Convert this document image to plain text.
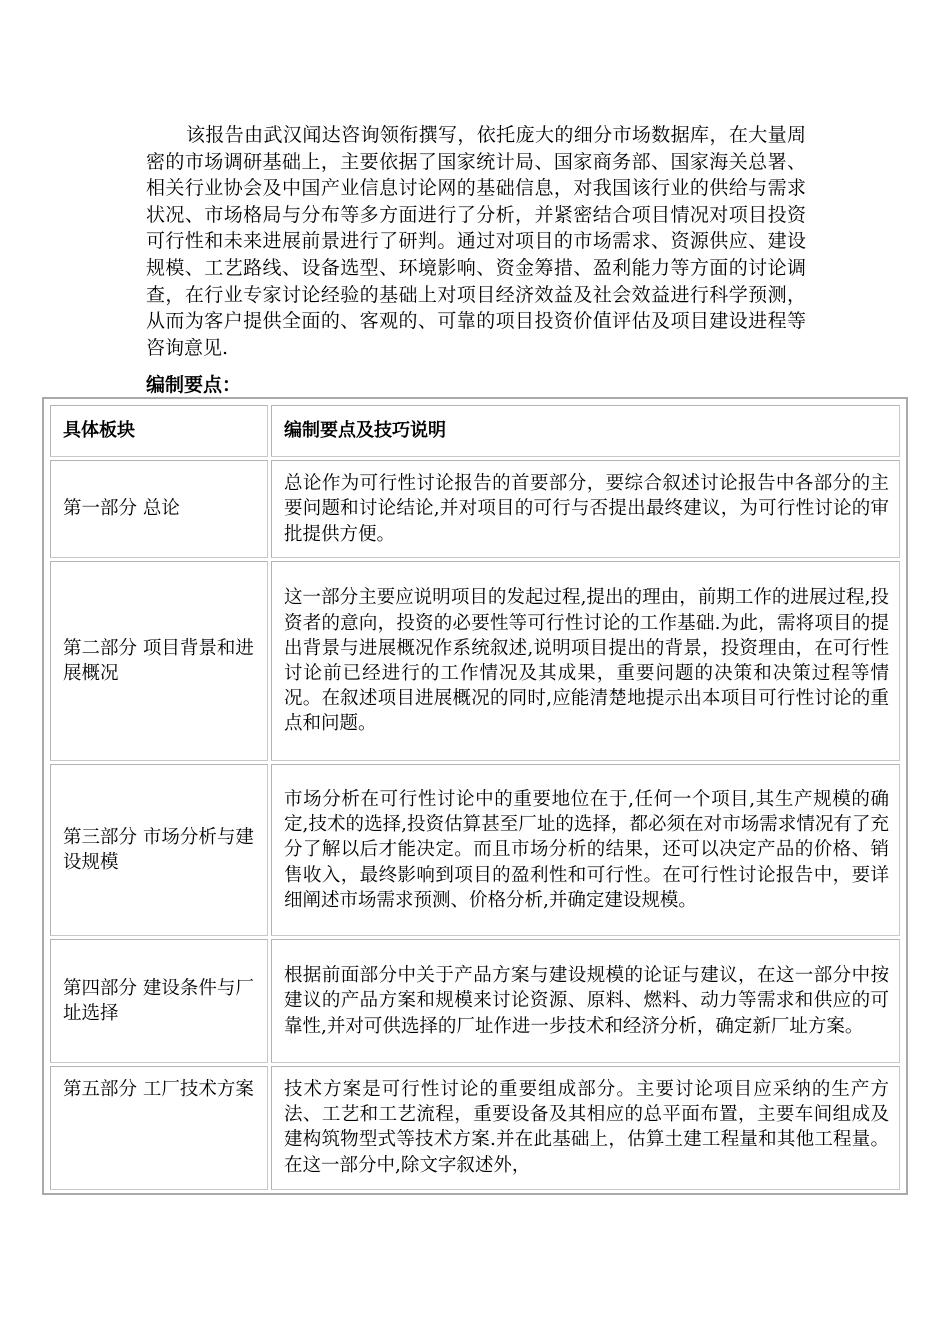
该报告由武汉闻达咨询领衔撰写，依托庞大的细分市场数据库，在大量周密的市场调研基础上，主要依据了国家统计局、国家商务部、国家海关总署、相关行业协会及中国产业信息讨论网的基础信息，对我国该行业的供给与需求状况、市场格局与分布等多方面进行了分析，并紧密结合项目情况对项目投资可行性和未来进展前景进行了研判。通过对项目的市场需求、资源供应、建设规模、工艺路线、设备选型、环境影响、资金筹措、盈利能力等方面的讨论调查，在行业专家讨论经验的基础上对项目经济效益及社会效益进行科学预测，从而为客户提供全面的、客观的、可靠的项目投资价值评估及项目建设进程等咨询意见.

编制要点：
具体板块	编制要点及技巧说明
第一部分 总论	总论作为可行性讨论报告的首要部分，要综合叙述讨论报告中各部分的主要问题和讨论结论,并对项目的可行与否提出最终建议，为可行性讨论的审批提供方便。
第二部分 项目背景和进展概况	这一部分主要应说明项目的发起过程,提出的理由，前期工作的进展过程,投资者的意向，投资的必要性等可行性讨论的工作基础.为此，需将项目的提出背景与进展概况作系统叙述,说明项目提出的背景，投资理由，在可行性讨论前已经进行的工作情况及其成果，重要问题的决策和决策过程等情况。在叙述项目进展概况的同时,应能清楚地提示出本项目可行性讨论的重点和问题。
第三部分 市场分析与建设规模	市场分析在可行性讨论中的重要地位在于,任何一个项目,其生产规模的确定,技术的选择,投资估算甚至厂址的选择，都必须在对市场需求情况有了充分了解以后才能决定。而且市场分析的结果，还可以决定产品的价格、销售收入，最终影响到项目的盈利性和可行性。在可行性讨论报告中，要详细阐述市场需求预测、价格分析,并确定建设规模。
第四部分 建设条件与厂址选择	根据前面部分中关于产品方案与建设规模的论证与建议，在这一部分中按建议的产品方案和规模来讨论资源、原料、燃料、动力等需求和供应的可靠性,并对可供选择的厂址作进一步技术和经济分析，确定新厂址方案。
第五部分 工厂技术方案	技术方案是可行性讨论的重要组成部分。主要讨论项目应采纳的生产方法、工艺和工艺流程，重要设备及其相应的总平面布置，主要车间组成及建构筑物型式等技术方案.并在此基础上，估算土建工程量和其他工程量。在这一部分中,除文字叙述外，
